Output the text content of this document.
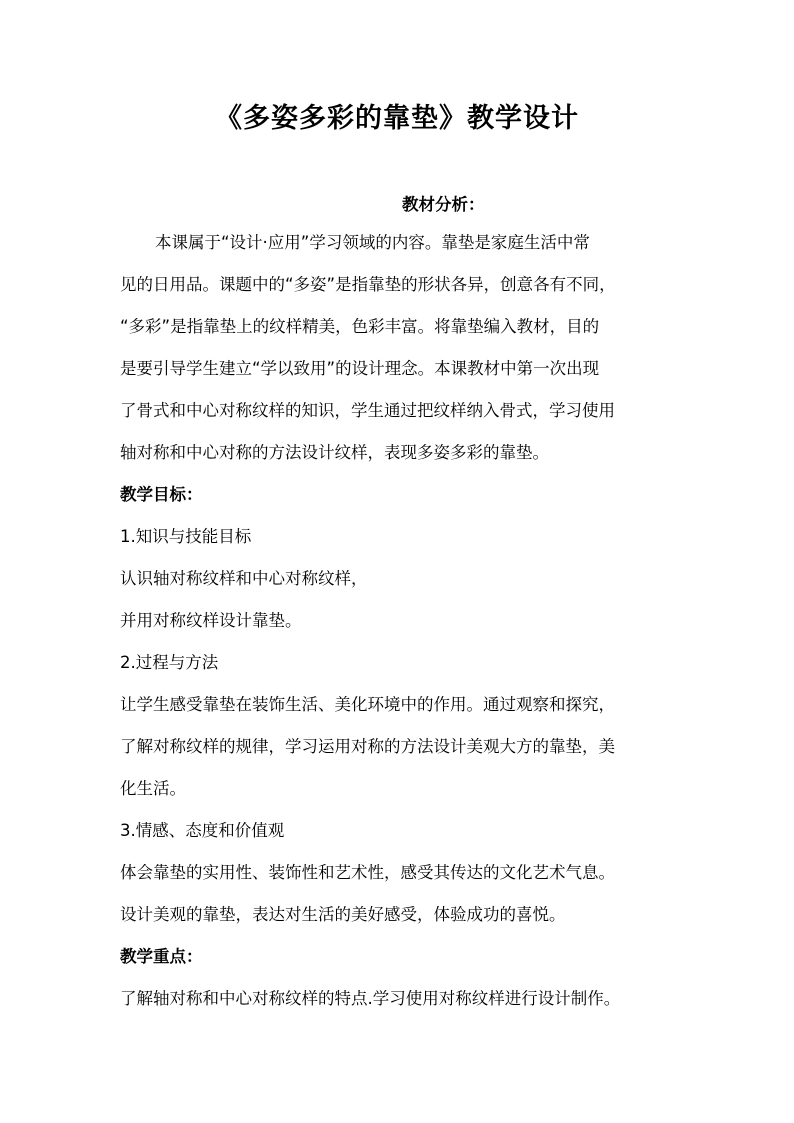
《多姿多彩的靠垫》教学设计
教材分析：
本课属于“设计·应用”学习领域的内容。靠垫是家庭生活中常
见的日用品。课题中的“多姿”是指靠垫的形状各异，创意各有不同，
“多彩”是指靠垫上的纹样精美，色彩丰富。将靠垫编入教材，目的
是要引导学生建立“学以致用”的设计理念。本课教材中第一次出现
了骨式和中心对称纹样的知识，学生通过把纹样纳入骨式，学习使用
轴对称和中心对称的方法设计纹样，表现多姿多彩的靠垫。
教学目标：
1.知识与技能目标
认识轴对称纹样和中心对称纹样，
并用对称纹样设计靠垫。
2.过程与方法
让学生感受靠垫在装饰生活、美化环境中的作用。通过观察和探究，
了解对称纹样的规律，学习运用对称的方法设计美观大方的靠垫，美
化生活。
3.情感、态度和价值观
体会靠垫的实用性、装饰性和艺术性，感受其传达的文化艺术气息。
设计美观的靠垫，表达对生活的美好感受，体验成功的喜悦。
教学重点：
了解轴对称和中心对称纹样的特点.学习使用对称纹样进行设计制作。
